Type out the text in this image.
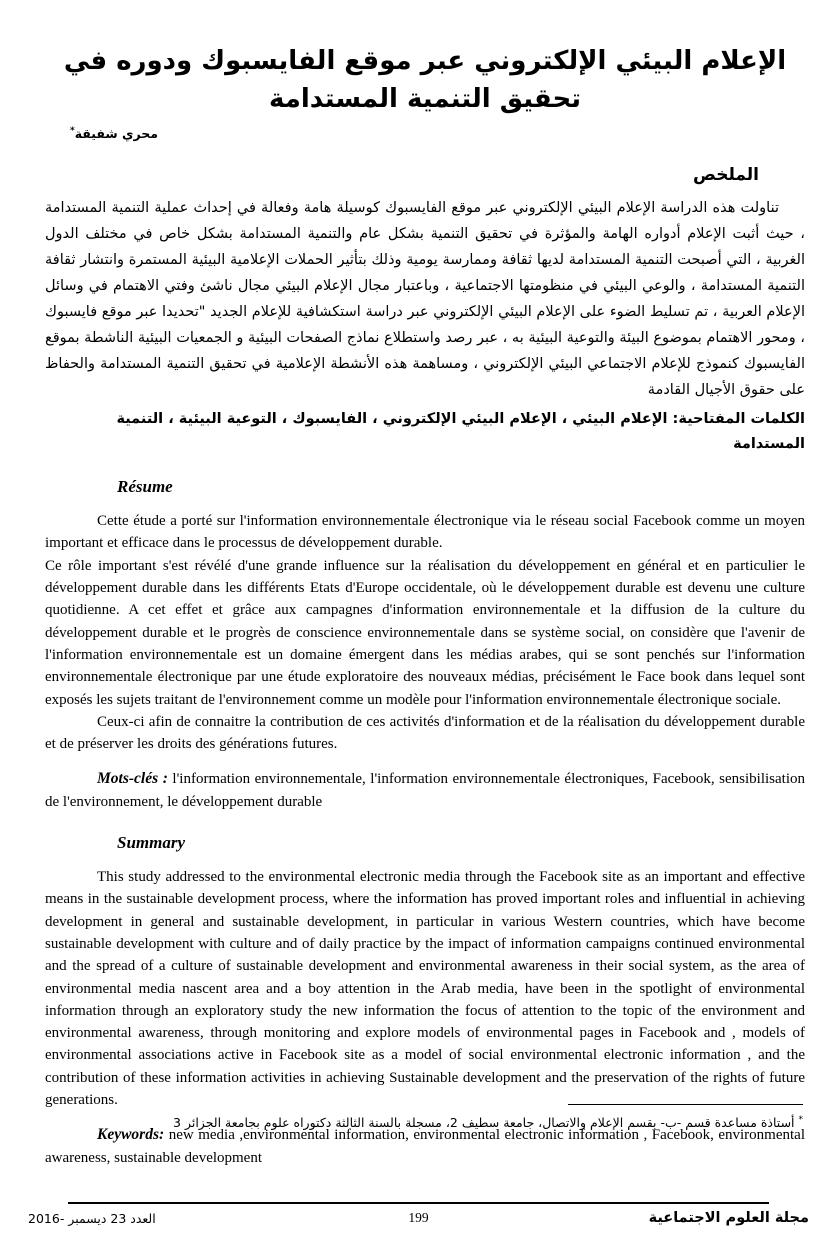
الإعلام البيئي الإلكتروني عبر موقع الفايسبوك ودوره في تحقيق التنمية المستدامة
محري شفيقة*
الملخص

تناولت هذه الدراسة الإعلام البيئي الإلكتروني عبر موقع الفايسبوك كوسيلة هامة وفعالة في إحداث عملية التنمية المستدامة ، حيث أثبت الإعلام أدواره الهامة والمؤثرة في تحقيق التنمية بشكل عام والتنمية المستدامة بشكل خاص في مختلف الدول الغربية ، التي أصبحت التنمية المستدامة لديها ثقافة وممارسة يومية وذلك بتأثير الحملات الإعلامية البيئية المستمرة وانتشار ثقافة التنمية المستدامة ، والوعي البيئي في منظومتها الاجتماعية ، وباعتبار مجال الإعلام البيئي مجال ناشئ وفتي الاهتمام في وسائل الإعلام العربية ، تم تسليط الضوء على الإعلام البيئي الإلكتروني عبر دراسة استكشافية للإعلام الجديد "تحديدا عبر موقع فايسبوك ، ومحور الاهتمام بموضوع البيئة والتوعية البيئية به ، عبر رصد واستطلاع نماذج الصفحات البيئية و الجمعيات البيئية الناشطة بموقع الفايسبوك كنموذج للإعلام الاجتماعي البيئي الإلكتروني ، ومساهمة هذه الأنشطة الإعلامية في تحقيق التنمية المستدامة والحفاظ على حقوق الأجيال القادمة

الكلمات المفتاحية: الإعلام البيئي ، الإعلام البيئي الإلكتروني ، الفايسبوك ، التوعية البيئية ، التنمية المستدامة

Résume

Cette étude a porté sur l'information environnementale électronique via le réseau social Facebook comme un moyen important et efficace dans le processus de développement durable.

Ce rôle important s'est révélé d'une grande influence sur la réalisation du développement en général et en particulier le développement durable dans les différents Etats d'Europe occidentale, où le développement durable est devenu une culture quotidienne. A cet effet et grâce aux campagnes d'information environnementale et la diffusion de la culture du développement durable et le progrès de conscience environnementale dans se système social, on considère que l'avenir de l'information environnementale est un domaine émergent dans les médias arabes, qui se sont penchés sur l'information environnementale électronique par une étude exploratoire des nouveaux médias, précisément le Face book dans lequel sont exposés les sujets traitant de l'environnement comme un modèle pour l'information environnementale électronique sociale.

Ceux-ci afin de connaitre la contribution de ces activités d'information et de la réalisation du développement durable et de préserver les droits des générations futures.

Mots-clés : l'information environnementale, l'information environnementale électroniques, Facebook, sensibilisation de l'environnement, le développement durable

Summary

This study addressed to the environmental electronic media through the Facebook site as an important and effective means in the sustainable development process, where the information has proved important roles and influential in achieving development in general and sustainable development, in particular in various Western countries, which have become sustainable development with culture and of daily practice by the impact of information campaigns continued environmental and the spread of a culture of sustainable development and environmental awareness in their social system, as the area of environmental media nascent area and a boy attention in the Arab media, have been in the spotlight of environmental information through an exploratory study the new information the focus of attention to the topic of the environment and environmental awareness, through monitoring and explore models of environmental pages in Facebook and , models of environmental associations active in Facebook site as a model of social environmental electronic information , and the contribution of these information activities in achieving Sustainable development and the preservation of the rights of future generations.

Keywords: new media ,environmental information, environmental electronic information , Facebook, environmental awareness, sustainable development

* أستاذة مساعدة قسم -ب- بقسم الإعلام والاتصال، جامعة سطيف 2، مسجلة بالسنة الثالثة دكتوراه علوم بجامعة الجزائر 3
العدد 23 ديسمبر -2016	199	مجلة العلوم الاجتماعية
